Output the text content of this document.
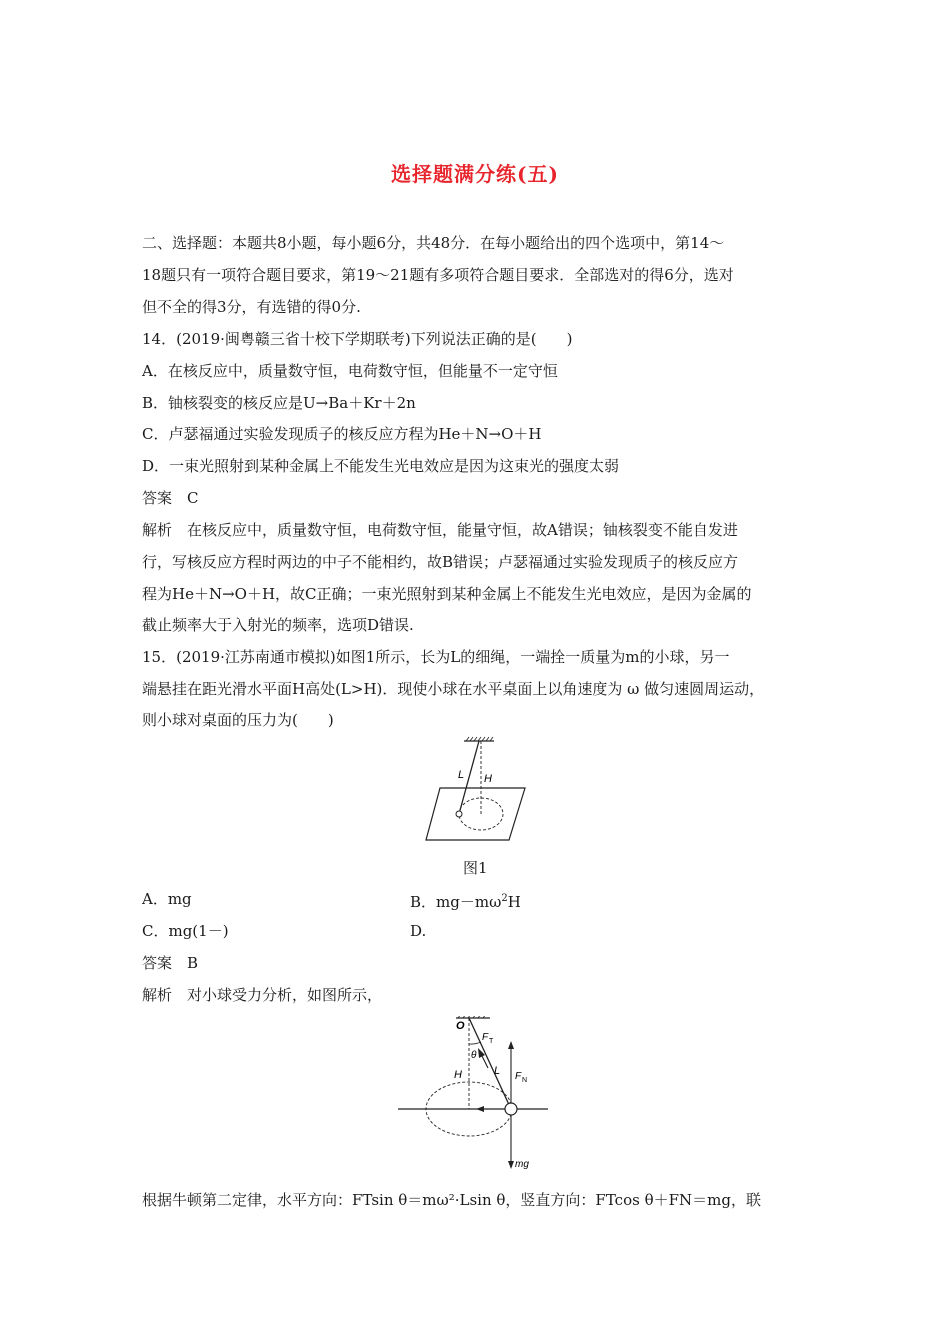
选择题满分练(五)
二、选择题：本题共8小题，每小题6分，共48分．在每小题给出的四个选项中，第14～
18题只有一项符合题目要求，第19～21题有多项符合题目要求．全部选对的得6分，选对
但不全的得3分，有选错的得0分.
14．(2019·闽粤赣三省十校下学期联考)下列说法正确的是(　　)
A．在核反应中，质量数守恒，电荷数守恒，但能量不一定守恒
B．铀核裂变的核反应是U→Ba＋Kr＋2n
C．卢瑟福通过实验发现质子的核反应方程为He＋N→O＋H
D．一束光照射到某种金属上不能发生光电效应是因为这束光的强度太弱
答案　C
解析　在核反应中，质量数守恒，电荷数守恒，能量守恒，故A错误；铀核裂变不能自发进
行，写核反应方程时两边的中子不能相约，故B错误；卢瑟福通过实验发现质子的核反应方
程为He＋N→O＋H，故C正确；一束光照射到某种金属上不能发生光电效应，是因为金属的
截止频率大于入射光的频率，选项D错误.
15．(2019·江苏南通市模拟)如图1所示，长为L的细绳，一端拴一质量为m的小球，另一
端悬挂在距光滑水平面H高处(L>H)．现使小球在水平桌面上以角速度为 ω 做匀速圆周运动，
则小球对桌面的压力为(　　)
L H
图1
A．mg	B．$mg-m\omega^2H$
C．mg(1－)	D.
答案　B
解析　对小球受力分析，如图所示，
O
F T
θ
L
H	F N
mg
根据牛顿第二定律，水平方向：FTsin θ＝mω²·Lsin θ，竖直方向：FTcos θ＋FN＝mg，联
